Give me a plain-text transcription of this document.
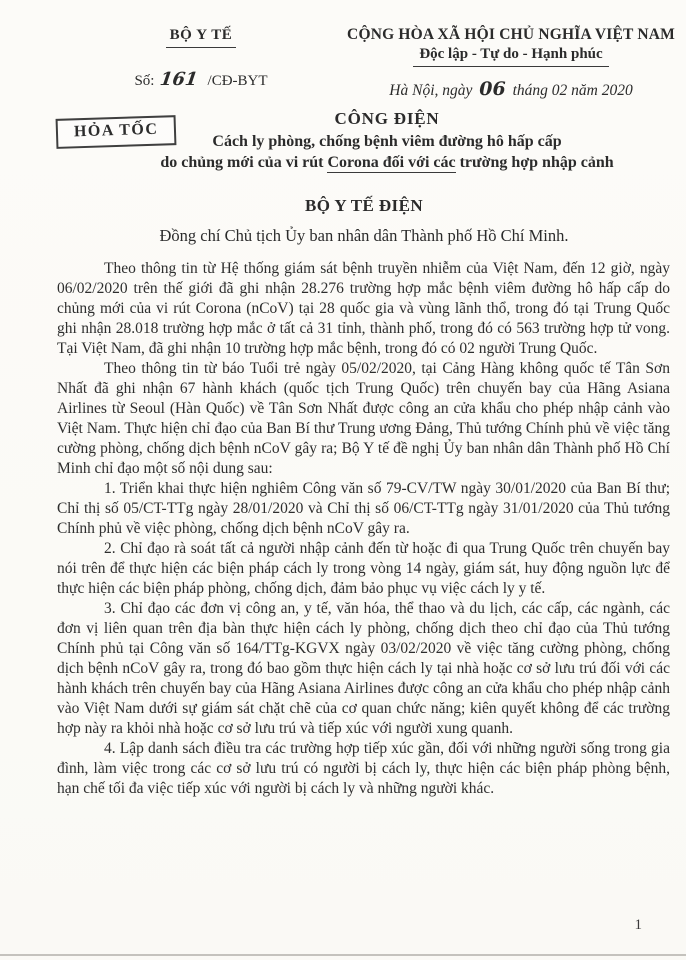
BỘ Y TẾ
Số: 161 /CĐ-BYT
CỘNG HÒA XÃ HỘI CHỦ NGHĨA VIỆT NAM
Độc lập - Tự do - Hạnh phúc
Hà Nội, ngày 06 tháng 02 năm 2020
HỎA TỐC
CÔNG ĐIỆN
Cách ly phòng, chống bệnh viêm đường hô hấp cấp
do chủng mới của vi rút Corona đối với các trường hợp nhập cảnh
BỘ Y TẾ ĐIỆN
Đồng chí Chủ tịch Ủy ban nhân dân Thành phố Hồ Chí Minh.

Theo thông tin từ Hệ thống giám sát bệnh truyền nhiễm của Việt Nam, đến 12 giờ, ngày 06/02/2020 trên thế giới đã ghi nhận 28.276 trường hợp mắc bệnh viêm đường hô hấp cấp do chủng mới của vi rút Corona (nCoV) tại 28 quốc gia và vùng lãnh thổ, trong đó tại Trung Quốc ghi nhận 28.018 trường hợp mắc ở tất cả 31 tỉnh, thành phố, trong đó có 563 trường hợp tử vong. Tại Việt Nam, đã ghi nhận 10 trường hợp mắc bệnh, trong đó có 02 người Trung Quốc.

Theo thông tin từ báo Tuổi trẻ ngày 05/02/2020, tại Cảng Hàng không quốc tế Tân Sơn Nhất đã ghi nhận 67 hành khách (quốc tịch Trung Quốc) trên chuyến bay của Hãng Asiana Airlines từ Seoul (Hàn Quốc) về Tân Sơn Nhất được công an cửa khẩu cho phép nhập cảnh vào Việt Nam. Thực hiện chỉ đạo của Ban Bí thư Trung ương Đảng, Thủ tướng Chính phủ về việc tăng cường phòng, chống dịch bệnh nCoV gây ra; Bộ Y tế đề nghị Ủy ban nhân dân Thành phố Hồ Chí Minh chỉ đạo một số nội dung sau:

1. Triển khai thực hiện nghiêm Công văn số 79-CV/TW ngày 30/01/2020 của Ban Bí thư; Chỉ thị số 05/CT-TTg ngày 28/01/2020 và Chỉ thị số 06/CT-TTg ngày 31/01/2020 của Thủ tướng Chính phủ về việc phòng, chống dịch bệnh nCoV gây ra.

2. Chỉ đạo rà soát tất cả người nhập cảnh đến từ hoặc đi qua Trung Quốc trên chuyến bay nói trên để thực hiện các biện pháp cách ly trong vòng 14 ngày, giám sát, huy động nguồn lực để thực hiện các biện pháp phòng, chống dịch, đảm bảo phục vụ việc cách ly y tế.

3. Chỉ đạo các đơn vị công an, y tế, văn hóa, thể thao và du lịch, các cấp, các ngành, các đơn vị liên quan trên địa bàn thực hiện cách ly phòng, chống dịch theo chỉ đạo của Thủ tướng Chính phủ tại Công văn số 164/TTg-KGVX ngày 03/02/2020 về việc tăng cường phòng, chống dịch bệnh nCoV gây ra, trong đó bao gồm thực hiện cách ly tại nhà hoặc cơ sở lưu trú đối với các hành khách trên chuyến bay của Hãng Asiana Airlines được công an cửa khẩu cho phép nhập cảnh vào Việt Nam dưới sự giám sát chặt chẽ của cơ quan chức năng; kiên quyết không để các trường hợp này ra khỏi nhà hoặc cơ sở lưu trú và tiếp xúc với người xung quanh.

4. Lập danh sách điều tra các trường hợp tiếp xúc gần, đối với những người sống trong gia đình, làm việc trong các cơ sở lưu trú có người bị cách ly, thực hiện các biện pháp phòng bệnh, hạn chế tối đa việc tiếp xúc với người bị cách ly và những người khác.

1
